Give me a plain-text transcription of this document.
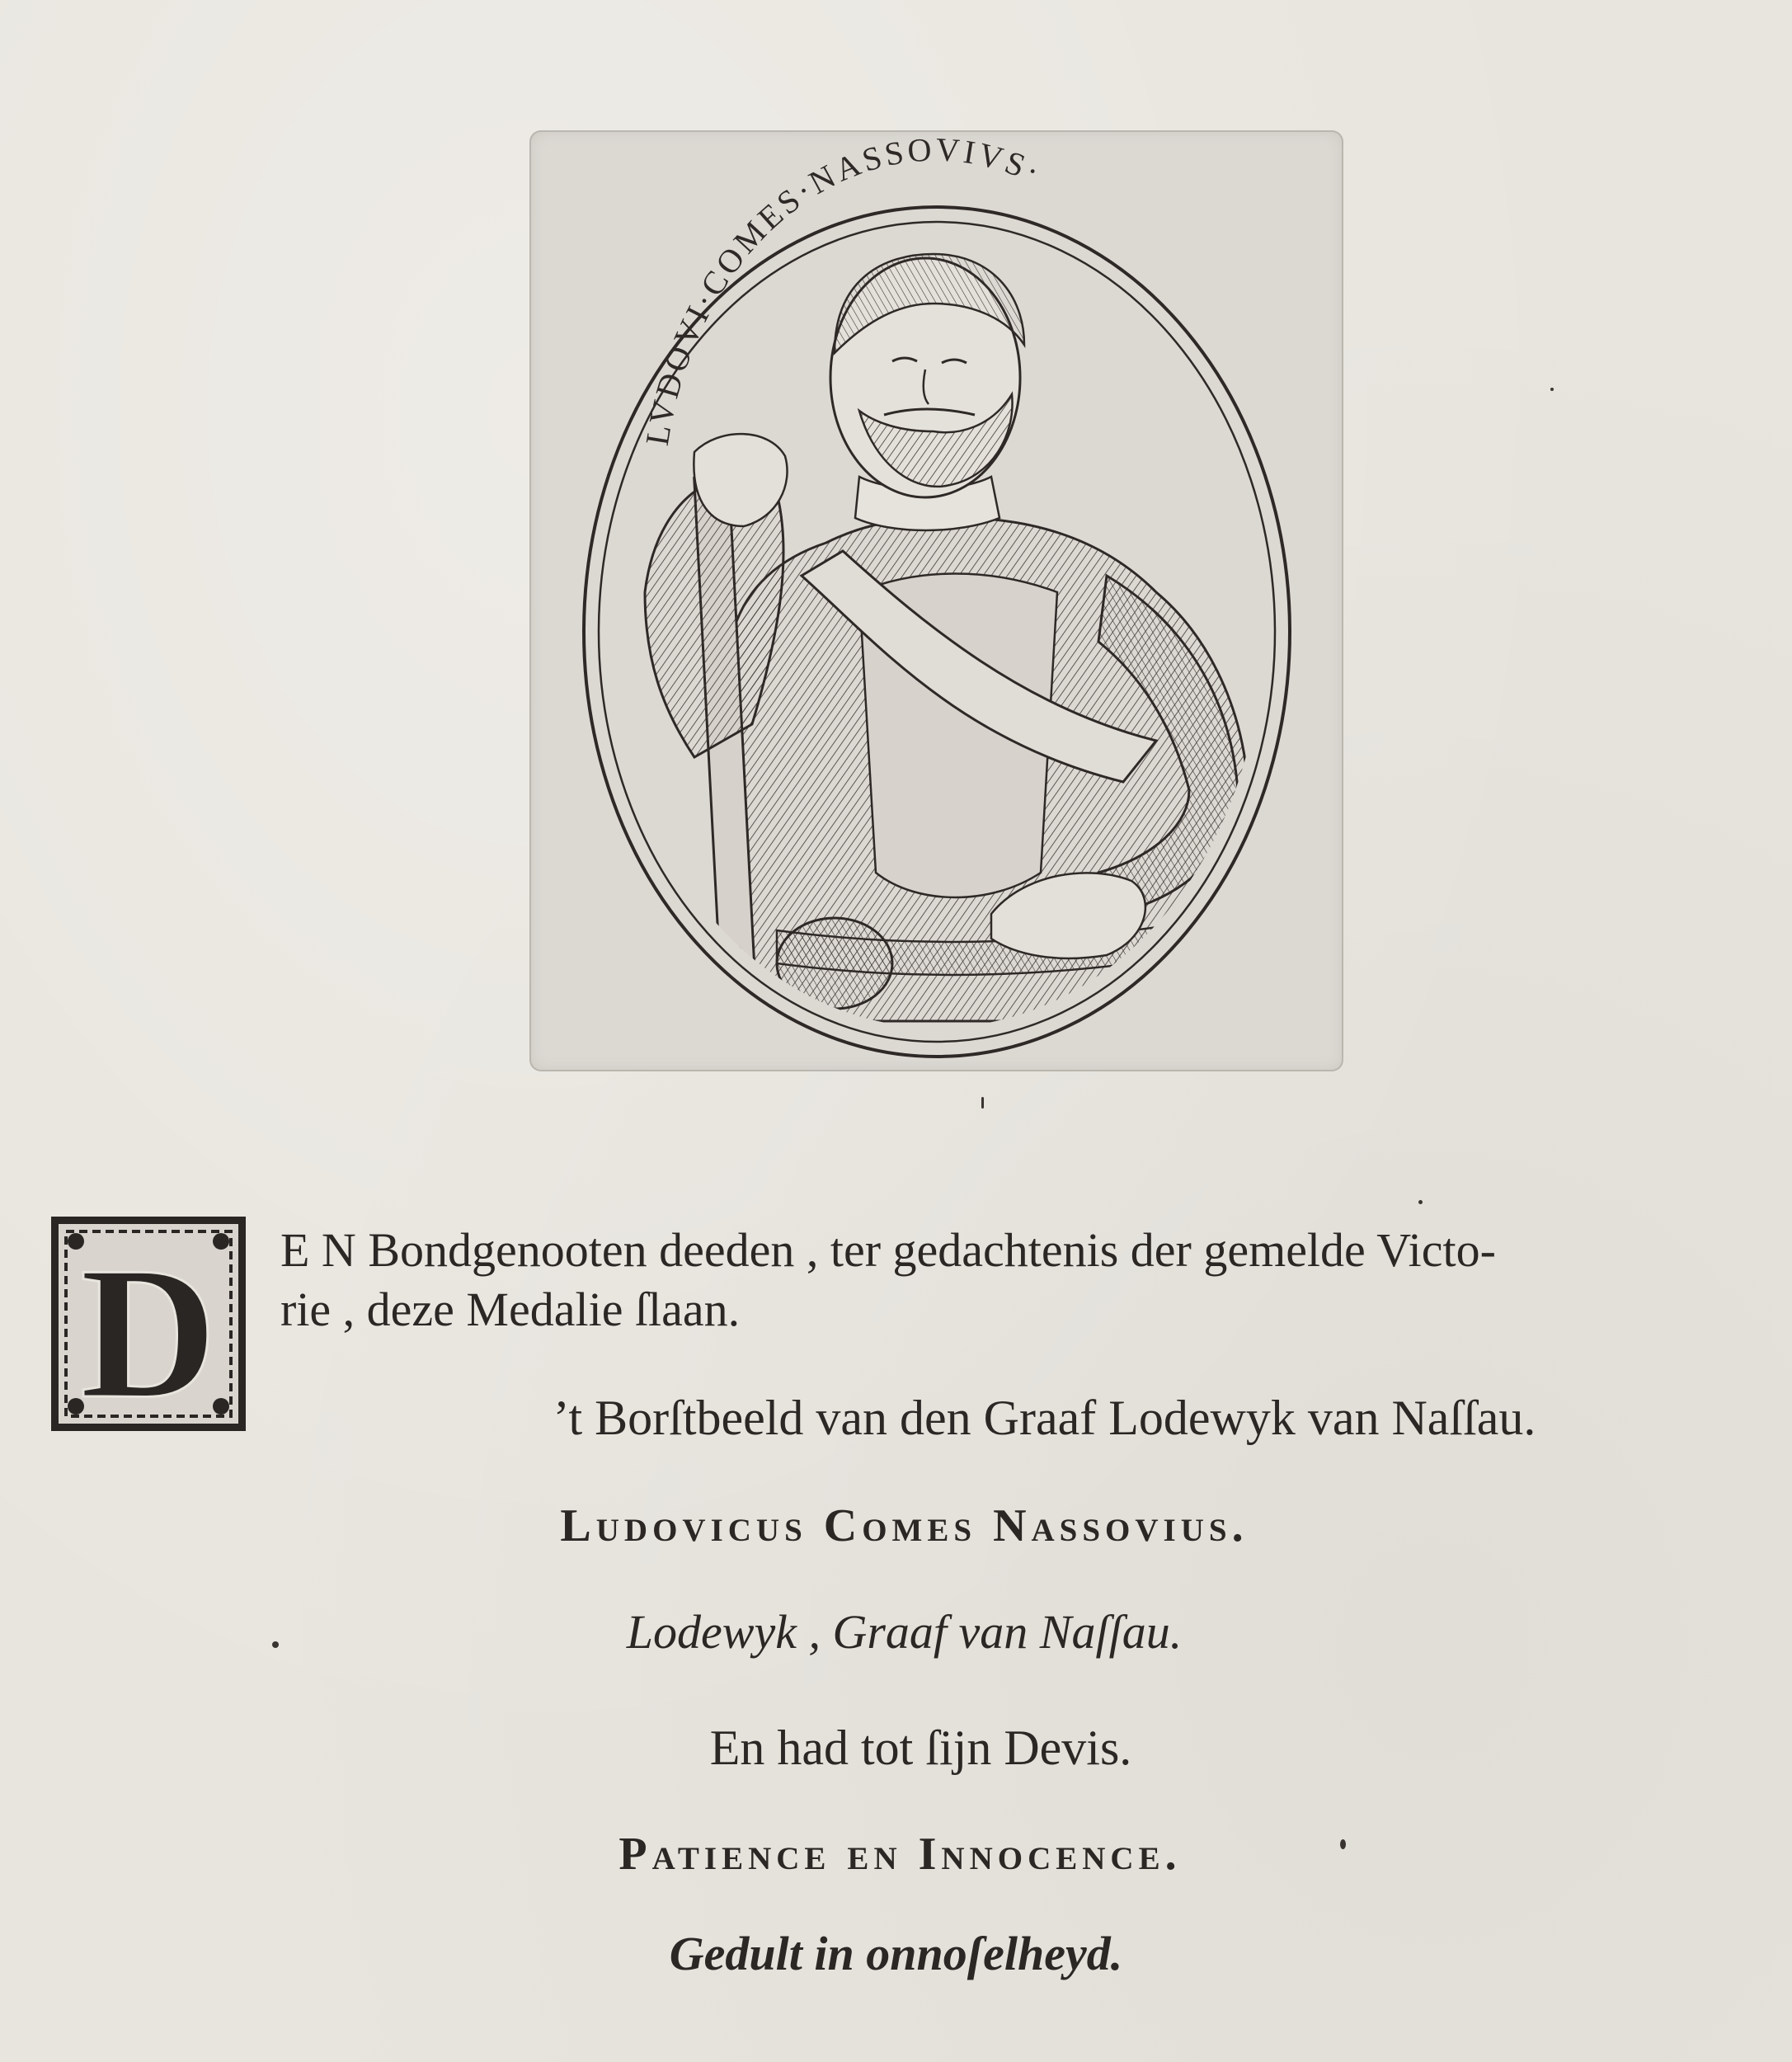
LVDOVI·COMES·NASSOVIVS·
D E N Bondgenooten deeden , ter gedachtenis der gemelde Victo-
rie , deze Medalie ſlaan.
’t Borſtbeeld van den Graaf Lodewyk van Naſſau.
Ludovicus Comes Nassovius.
Lodewyk , Graaf van Naſſau.
En had tot ſijn Devis.
Patience en Innocence.
Gedult in onnoſelheyd.
